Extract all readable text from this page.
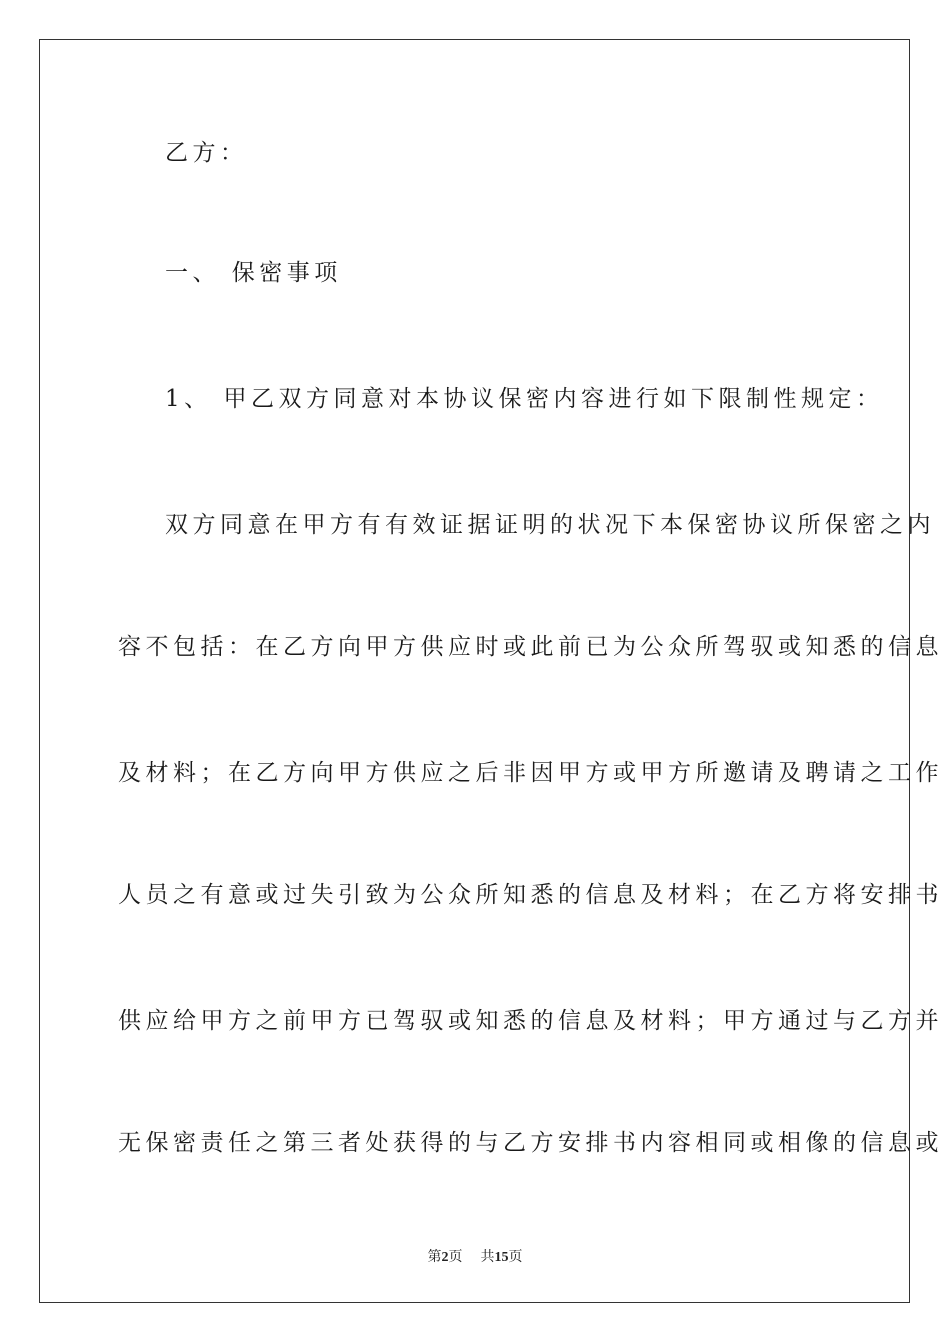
乙方：
一、 保密事项
1、 甲乙双方同意对本协议保密内容进行如下限制性规定：
双方同意在甲方有有效证据证明的状况下本保密协议所保密之内
容不包括：在乙方向甲方供应时或此前已为公众所驾驭或知悉的信息
及材料；在乙方向甲方供应之后非因甲方或甲方所邀请及聘请之工作
人员之有意或过失引致为公众所知悉的信息及材料；在乙方将安排书
供应给甲方之前甲方已驾驭或知悉的信息及材料；甲方通过与乙方并
无保密责任之第三者处获得的与乙方安排书内容相同或相像的信息或
第2页 共15页
